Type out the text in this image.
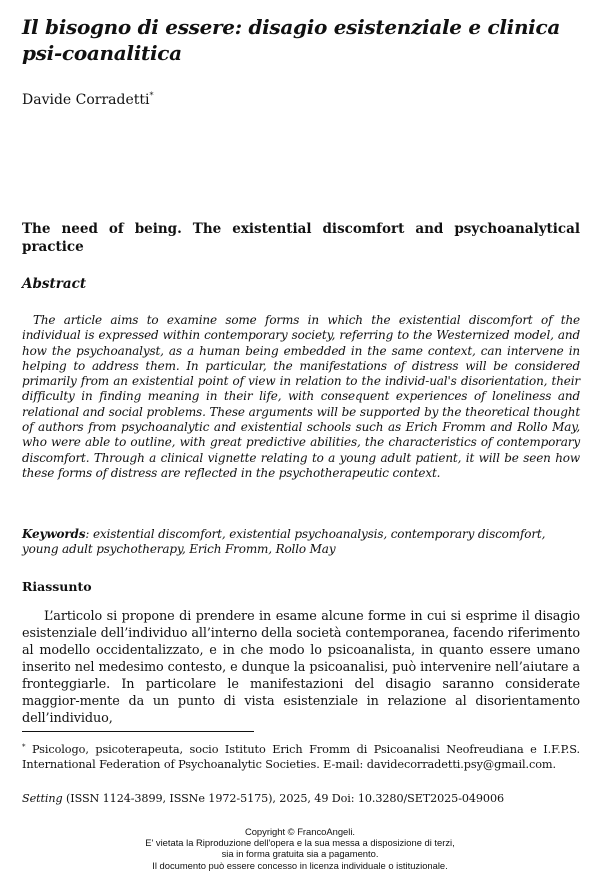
Il bisogno di essere: disagio esistenziale e clinica psi-coanalitica
Davide Corradetti*
The need of being. The existential discomfort and psychoanalytical practice
Abstract

The article aims to examine some forms in which the existential discomfort of the individual is expressed within contemporary society, referring to the Westernized model, and how the psychoanalyst, as a human being embedded in the same context, can intervene in helping to address them. In particular, the manifestations of distress will be considered primarily from an existential point of view in relation to the individ-ual's disorientation, their difficulty in finding meaning in their life, with consequent experiences of loneliness and relational and social problems. These arguments will be supported by the theoretical thought of authors from psychoanalytic and existential schools such as Erich Fromm and Rollo May, who were able to outline, with great predictive abilities, the characteristics of contemporary discomfort. Through a clinical vignette relating to a young adult patient, it will be seen how these forms of distress are reflected in the psychotherapeutic context.

Keywords: existential discomfort, existential psychoanalysis, contemporary discomfort, young adult psychotherapy, Erich Fromm, Rollo May

Riassunto

L’articolo si propone di prendere in esame alcune forme in cui si esprime il disagio esistenziale dell’individuo all’interno della società contemporanea, facendo riferimento al modello occidentalizzato, e in che modo lo psicoanalista, in quanto essere umano inserito nel medesimo contesto, e dunque la psicoanalisi, può intervenire nell’aiutare a fronteggiarle. In particolare le manifestazioni del disagio saranno considerate maggior-mente da un punto di vista esistenziale in relazione al disorientamento dell’individuo,

* Psicologo, psicoterapeuta, socio Istituto Erich Fromm di Psicoanalisi Neofreudiana e I.F.P.S. International Federation of Psychoanalytic Societies. E-mail: davidecorradetti.psy@gmail.com.

Setting (ISSN 1124-3899, ISSNe 1972-5175), 2025, 49 Doi: 10.3280/SET2025-049006
Copyright © FrancoAngeli.
E' vietata la Riproduzione dell'opera e la sua messa a disposizione di terzi,
sia in forma gratuita sia a pagamento.
Il documento può essere concesso in licenza individuale o istituzionale.
